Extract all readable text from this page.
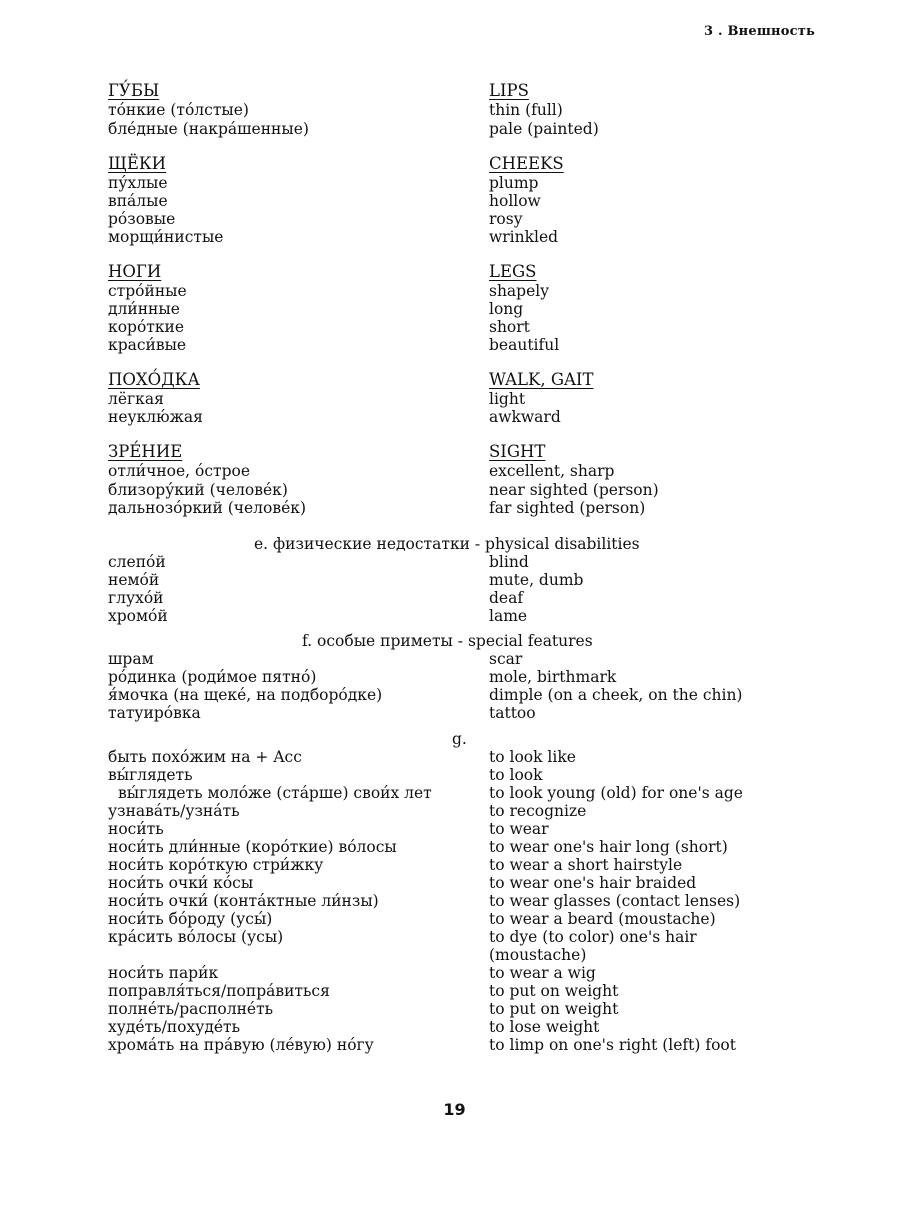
3 . Внешность
ГУ́БЫ	LIPS
то́нкие (то́лстые)	thin (full)
бле́дные (накра́шенные)	pale (painted)
ЩЁКИ	CHEEKS
пу́хлые	plump
впа́лые	hollow
ро́зовые	rosy
морщи́нистые	wrinkled
НОГИ	LEGS
стро́йные	shapely
дли́нные	long
коро́ткие	short
краси́вые	beautiful
ПОХО́ДКА	WALK, GAIT
лёгкая	light
неуклю́жая	awkward
ЗРЕ́НИЕ	SIGHT
отли́чное, о́строе	excellent, sharp
близору́кий (челове́к)	near sighted (person)
дальнозо́ркий (челове́к)	far sighted (person)
е. физические недостатки - physical disabilities
слепо́й	blind
немо́й	mute, dumb
глухо́й	deaf
хромо́й	lame
f. особые приметы - special features
шрам	scar
ро́динка (роди́мое пятно́)	mole, birthmark
я́мочка (на щеке́, на подборо́дке)	dimple (on a cheek, on the chin)
татуиро́вка	tattoo
g.
быть похо́жим на + Acc	to look like
вы́глядеть	to look
вы́глядеть моло́же (ста́рше) свои́х лет	to look young (old) for one's age
узнава́ть/узна́ть	to recognize
носи́ть	to wear
носи́ть дли́нные (коро́ткие) во́лосы	to wear one's hair long (short)
носи́ть коро́ткую стри́жку	to wear a short hairstyle
носи́ть очки́ ко́сы	to wear one's hair braided
носи́ть очки́ (конта́ктные ли́нзы)	to wear glasses (contact lenses)
носи́ть бо́роду (усы́)	to wear a beard (moustache)
кра́сить во́лосы (усы)	to dye (to color) one's hair
(moustache)
носи́ть пари́к	to wear a wig
поправля́ться/попра́виться	to put on weight
полне́ть/располне́ть	to put on weight
худе́ть/похуде́ть	to lose weight
хрома́ть на пра́вую (ле́вую) но́гу	to limp on one's right (left) foot
19
